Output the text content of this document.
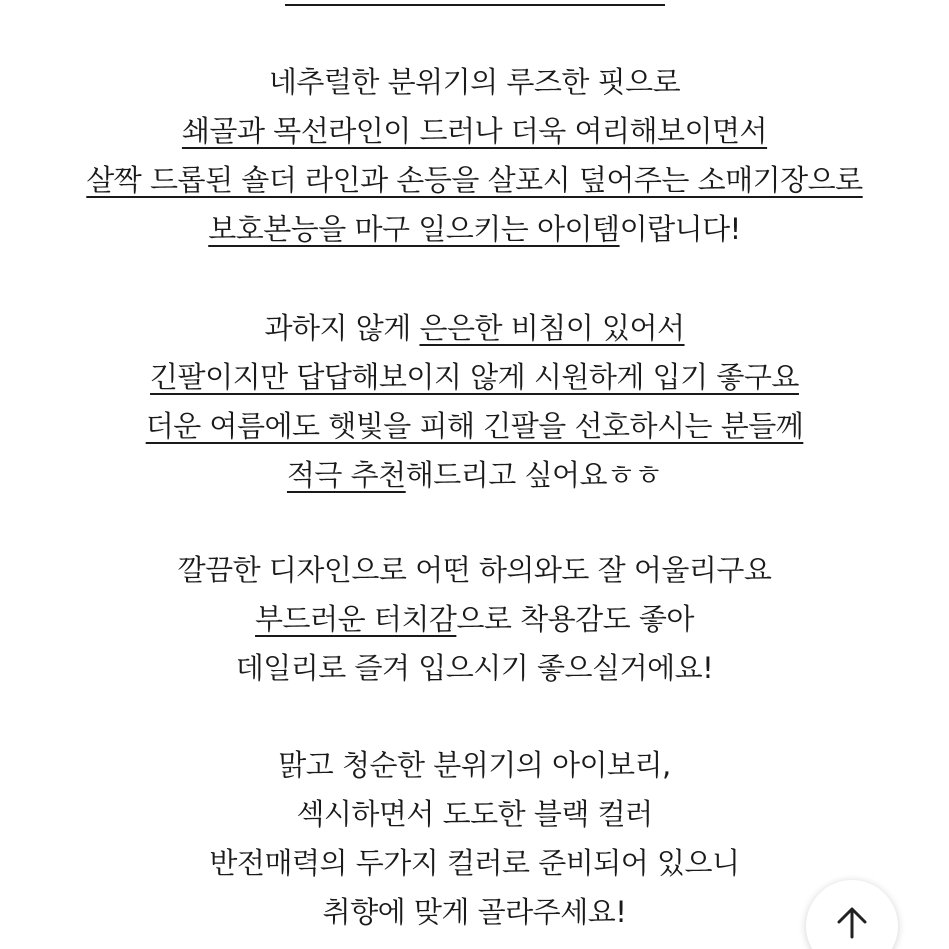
네추럴한 분위기의 루즈한 핏으로
쇄골과 목선라인이 드러나 더욱 여리해보이면서
살짝 드롭된 숄더 라인과 손등을 살포시 덮어주는 소매기장으로
보호본능을 마구 일으키는 아이템이랍니다!
과하지 않게 은은한 비침이 있어서
긴팔이지만 답답해보이지 않게 시원하게 입기 좋구요
더운 여름에도 햇빛을 피해 긴팔을 선호하시는 분들께
적극 추천해드리고 싶어요ㅎㅎ
깔끔한 디자인으로 어떤 하의와도 잘 어울리구요
부드러운 터치감으로 착용감도 좋아
데일리로 즐겨 입으시기 좋으실거에요!
맑고 청순한 분위기의 아이보리,
섹시하면서 도도한 블랙 컬러
반전매력의 두가지 컬러로 준비되어 있으니
취향에 맞게 골라주세요!
